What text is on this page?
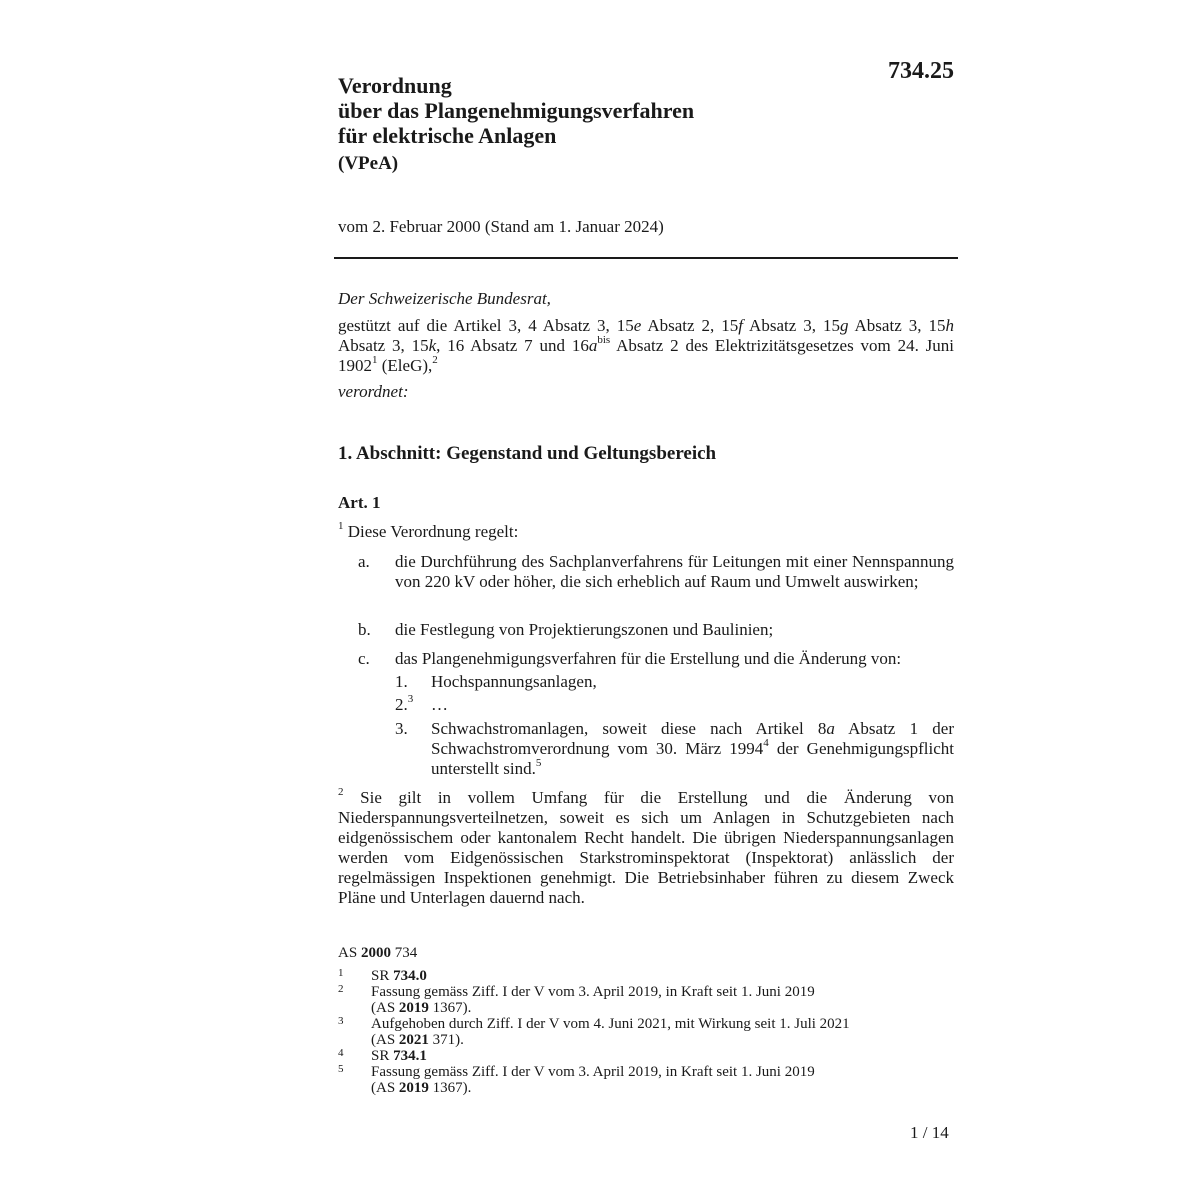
734.25
Verordnung
über das Plangenehmigungsverfahren
für elektrische Anlagen
(VPeA)
vom 2. Februar 2000 (Stand am 1. Januar 2024)
Der Schweizerische Bundesrat,
gestützt auf die Artikel 3, 4 Absatz 3, 15e Absatz 2, 15f Absatz 3, 15g Absatz 3, 15h Absatz 3, 15k, 16 Absatz 7 und $16a^{bis}$ Absatz 2 des Elektrizitätsgesetzes vom 24. Juni 1902$^1$ (EleG),$^2$
verordnet:
1. Abschnitt: Gegenstand und Geltungsbereich
Art. 1
$^1$ Diese Verordnung regelt:
a. die Durchführung des Sachplanverfahrens für Leitungen mit einer Nennspannung von 220 kV oder höher, die sich erheblich auf Raum und Umwelt auswirken;
b. die Festlegung von Projektierungszonen und Baulinien;
c. das Plangenehmigungsverfahren für die Erstellung und die Änderung von:
1. Hochspannungsanlagen,
2.$^3$ …
3. Schwachstromanlagen, soweit diese nach Artikel 8a Absatz 1 der Schwachstromverordnung vom 30. März 1994$^4$ der Genehmigungspflicht unterstellt sind.$^5$
$^2$ Sie gilt in vollem Umfang für die Erstellung und die Änderung von Niederspannungsverteilnetzen, soweit es sich um Anlagen in Schutzgebieten nach eidgenössischem oder kantonalem Recht handelt. Die übrigen Niederspannungsanlagen werden vom Eidgenössischen Starkstrominspektorat (Inspektorat) anlässlich der regelmässigen Inspektionen genehmigt. Die Betriebsinhaber führen zu diesem Zweck Pläne und Unterlagen dauernd nach.
AS 2000 734
1 SR 734.0
2 Fassung gemäss Ziff. I der V vom 3. April 2019, in Kraft seit 1. Juni 2019
(AS 2019 1367).
3 Aufgehoben durch Ziff. I der V vom 4. Juni 2021, mit Wirkung seit 1. Juli 2021
(AS 2021 371).
4 SR 734.1
5 Fassung gemäss Ziff. I der V vom 3. April 2019, in Kraft seit 1. Juni 2019
(AS 2019 1367).
1 / 14
